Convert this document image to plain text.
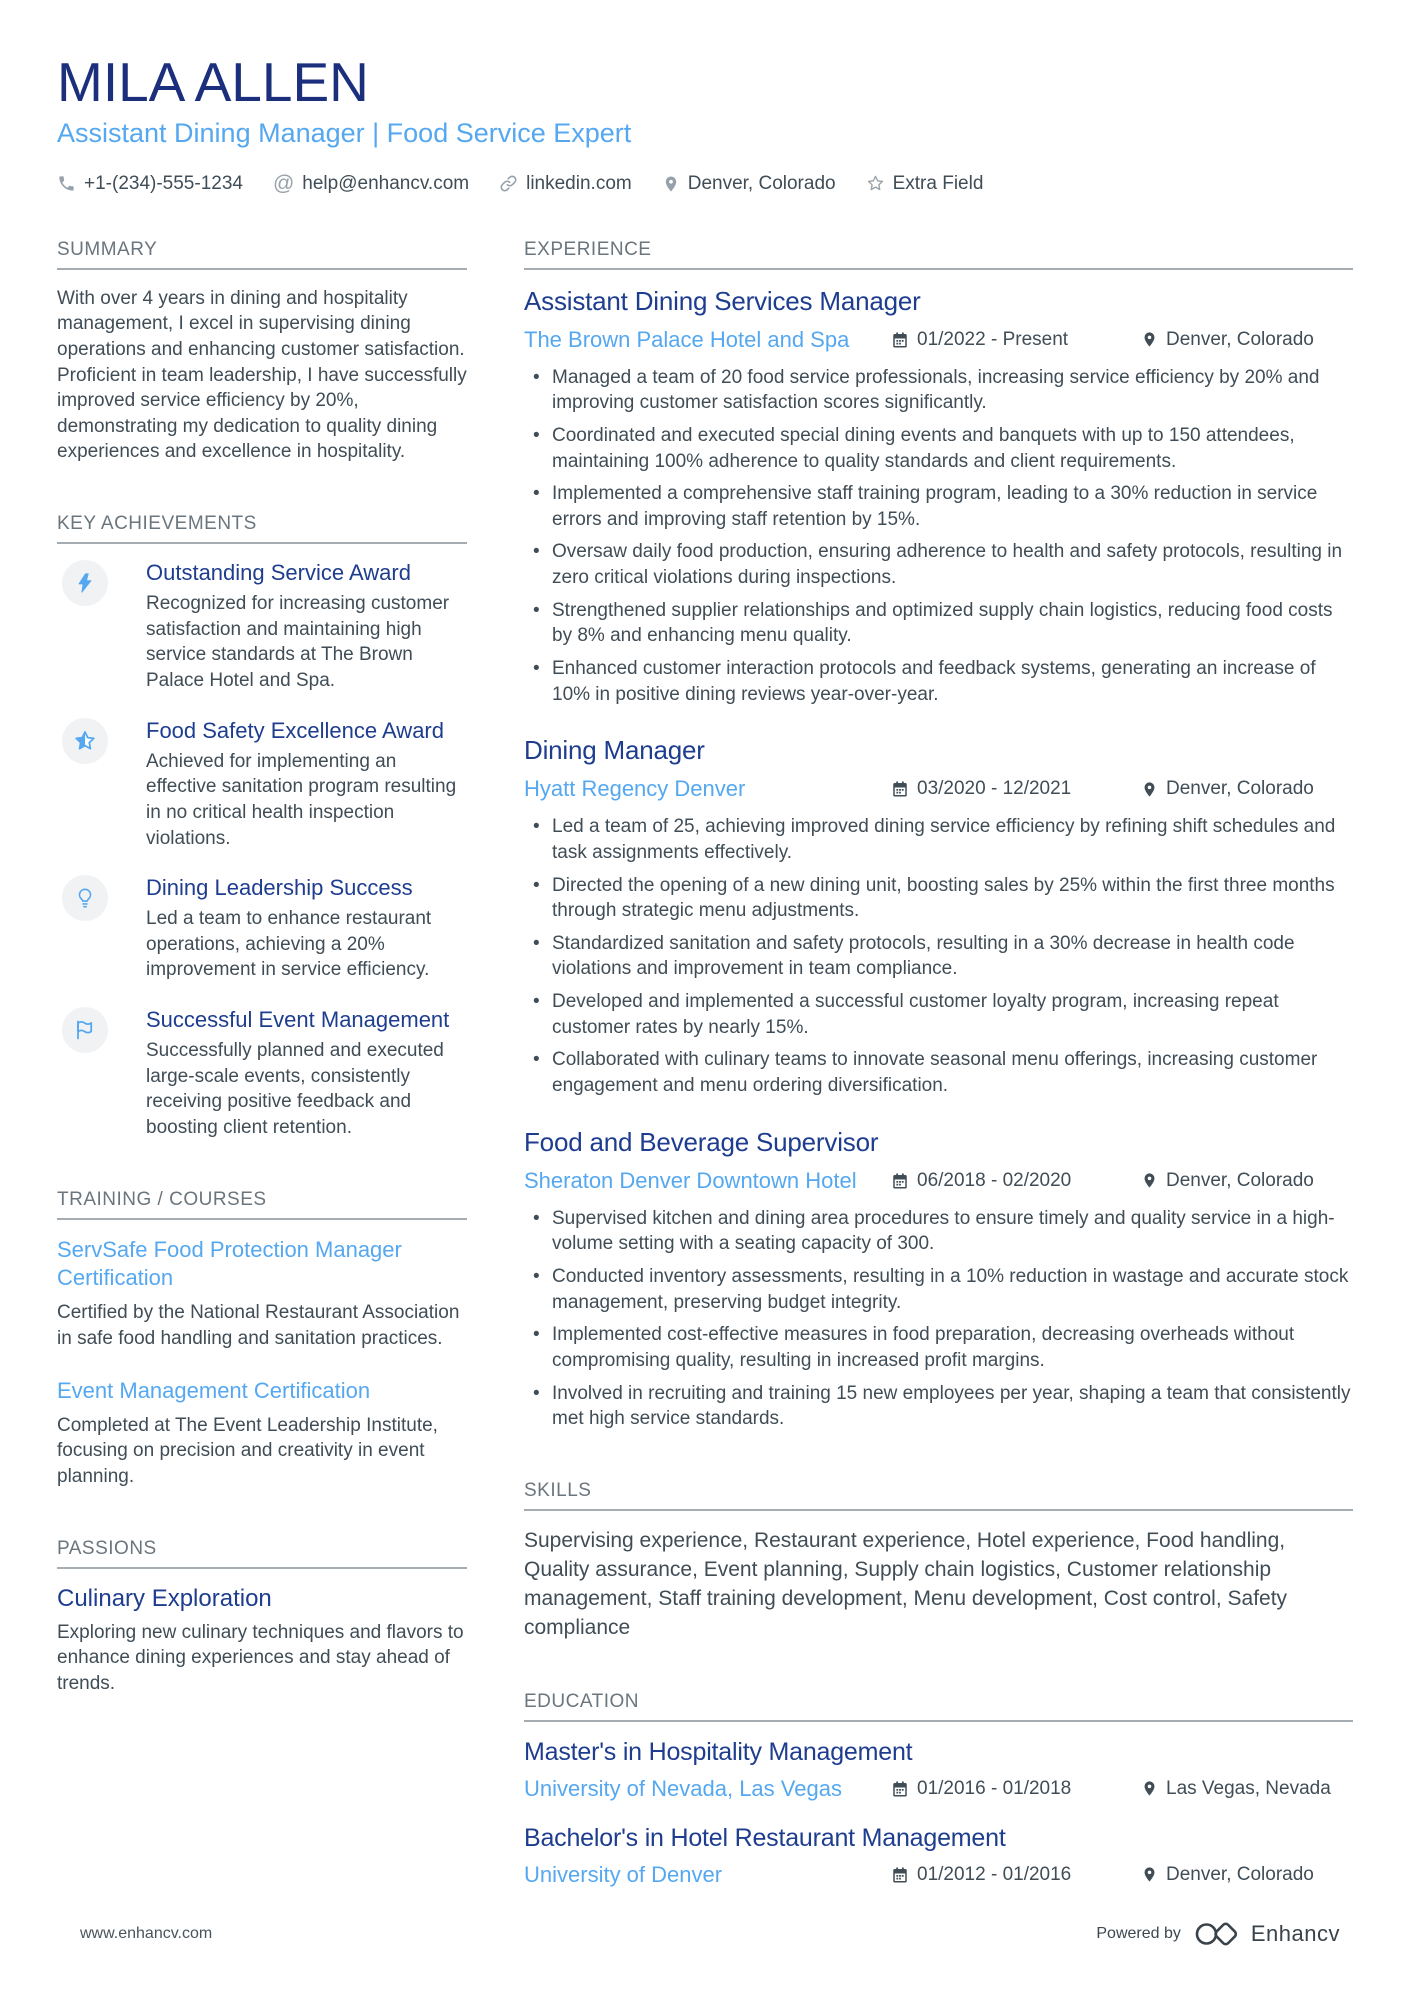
MILA ALLEN
Assistant Dining Manager | Food Service Expert
+1-(234)-555-1234 @ help@enhancv.com	linkedin.com	Denver, Colorado	Extra Field
SUMMARY

With over 4 years in dining and hospitality management, I excel in supervising dining operations and enhancing customer satisfaction. Proficient in team leadership, I have successfully improved service efficiency by 20%, demonstrating my dedication to quality dining experiences and excellence in hospitality.

KEY ACHIEVEMENTS
Outstanding Service Award
Recognized for increasing customer satisfaction and maintaining high service standards at The Brown Palace Hotel and Spa.
Food Safety Excellence Award
Achieved for implementing an effective sanitation program resulting in no critical health inspection violations.
Dining Leadership Success
Led a team to enhance restaurant operations, achieving a 20% improvement in service efficiency.
Successful Event Management
Successfully planned and executed large-scale events, consistently receiving positive feedback and boosting client retention.
TRAINING / COURSES
ServSafe Food Protection Manager Certification

Certified by the National Restaurant Association in safe food handling and sanitation practices.

Event Management Certification

Completed at The Event Leadership Institute, focusing on precision and creativity in event planning.

PASSIONS
Culinary Exploration

Exploring new culinary techniques and flavors to enhance dining experiences and stay ahead of trends.

EXPERIENCE
Assistant Dining Services Manager
The Brown Palace Hotel and Spa	01/2022 - Present	Denver, Colorado
• Managed a team of 20 food service professionals, increasing service efficiency by 20% and improving customer satisfaction scores significantly.
• Coordinated and executed special dining events and banquets with up to 150 attendees, maintaining 100% adherence to quality standards and client requirements.
• Implemented a comprehensive staff training program, leading to a 30% reduction in service errors and improving staff retention by 15%.
• Oversaw daily food production, ensuring adherence to health and safety protocols, resulting in zero critical violations during inspections.
• Strengthened supplier relationships and optimized supply chain logistics, reducing food costs by 8% and enhancing menu quality.
• Enhanced customer interaction protocols and feedback systems, generating an increase of 10% in positive dining reviews year-over-year.
Dining Manager
Hyatt Regency Denver	03/2020 - 12/2021	Denver, Colorado
• Led a team of 25, achieving improved dining service efficiency by refining shift schedules and task assignments effectively.
• Directed the opening of a new dining unit, boosting sales by 25% within the first three months through strategic menu adjustments.
• Standardized sanitation and safety protocols, resulting in a 30% decrease in health code violations and improvement in team compliance.
• Developed and implemented a successful customer loyalty program, increasing repeat customer rates by nearly 15%.
• Collaborated with culinary teams to innovate seasonal menu offerings, increasing customer engagement and menu ordering diversification.
Food and Beverage Supervisor
Sheraton Denver Downtown Hotel	06/2018 - 02/2020	Denver, Colorado
• Supervised kitchen and dining area procedures to ensure timely and quality service in a high-volume setting with a seating capacity of 300.
• Conducted inventory assessments, resulting in a 10% reduction in wastage and accurate stock management, preserving budget integrity.
• Implemented cost-effective measures in food preparation, decreasing overheads without compromising quality, resulting in increased profit margins.
• Involved in recruiting and training 15 new employees per year, shaping a team that consistently met high service standards.
SKILLS

Supervising experience, Restaurant experience, Hotel experience, Food handling, Quality assurance, Event planning, Supply chain logistics, Customer relationship management, Staff training development, Menu development, Cost control, Safety compliance

EDUCATION
Master's in Hospitality Management
University of Nevada, Las Vegas	01/2016 - 01/2018	Las Vegas, Nevada
Bachelor's in Hotel Restaurant Management
University of Denver	01/2012 - 01/2016	Denver, Colorado
www.enhancv.com	Powered by	Enhancv
